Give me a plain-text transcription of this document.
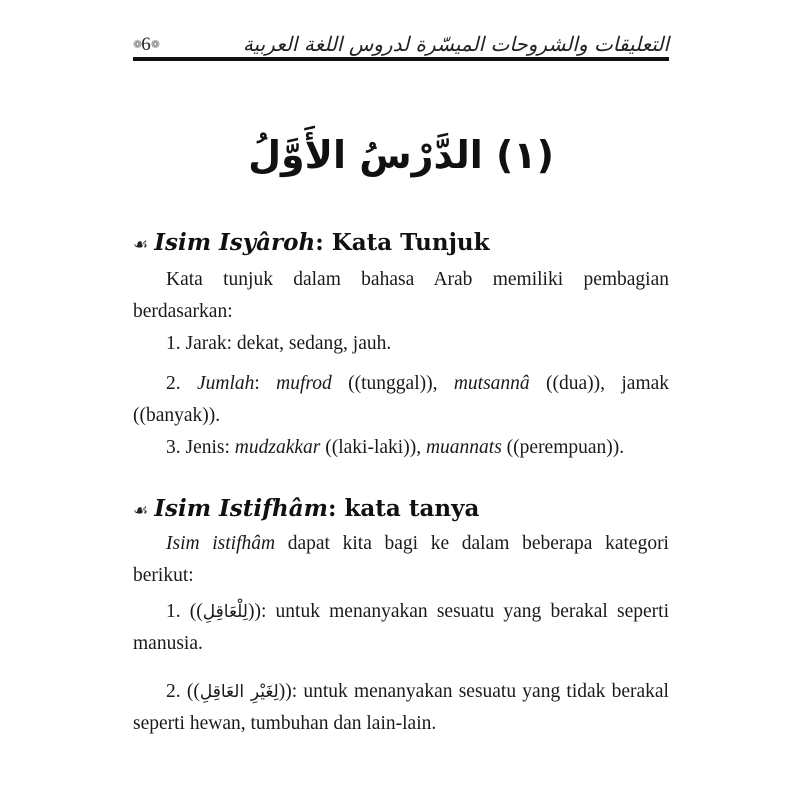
❁ 6 ❁	التعليقات والشروحات الميسّرة لدروس اللغة العربية
(١) الدَّرْسُ الأَوَّلُ
☙ Isim Isyâroh: Kata Tunjuk
Kata tunjuk dalam bahasa Arab memiliki pembagian berdasarkan:
1. Jarak: dekat, sedang, jauh.
2. Jumlah: mufrod ((tunggal)), mutsannâ ((dua)), jamak ((banyak)).
3. Jenis: mudzakkar ((laki-laki)), muannats ((perempuan)).
☙ Isim Istifhâm: kata tanya
Isim istifhâm dapat kita bagi ke dalam beberapa kategori berikut:
1. ((لِلْعَاقِلِ)): untuk menanyakan sesuatu yang berakal seperti manusia.
2. ((لِغَيْرِ العَاقِلِ)): untuk menanyakan sesuatu yang tidak berakal seperti hewan, tumbuhan dan lain-lain.
